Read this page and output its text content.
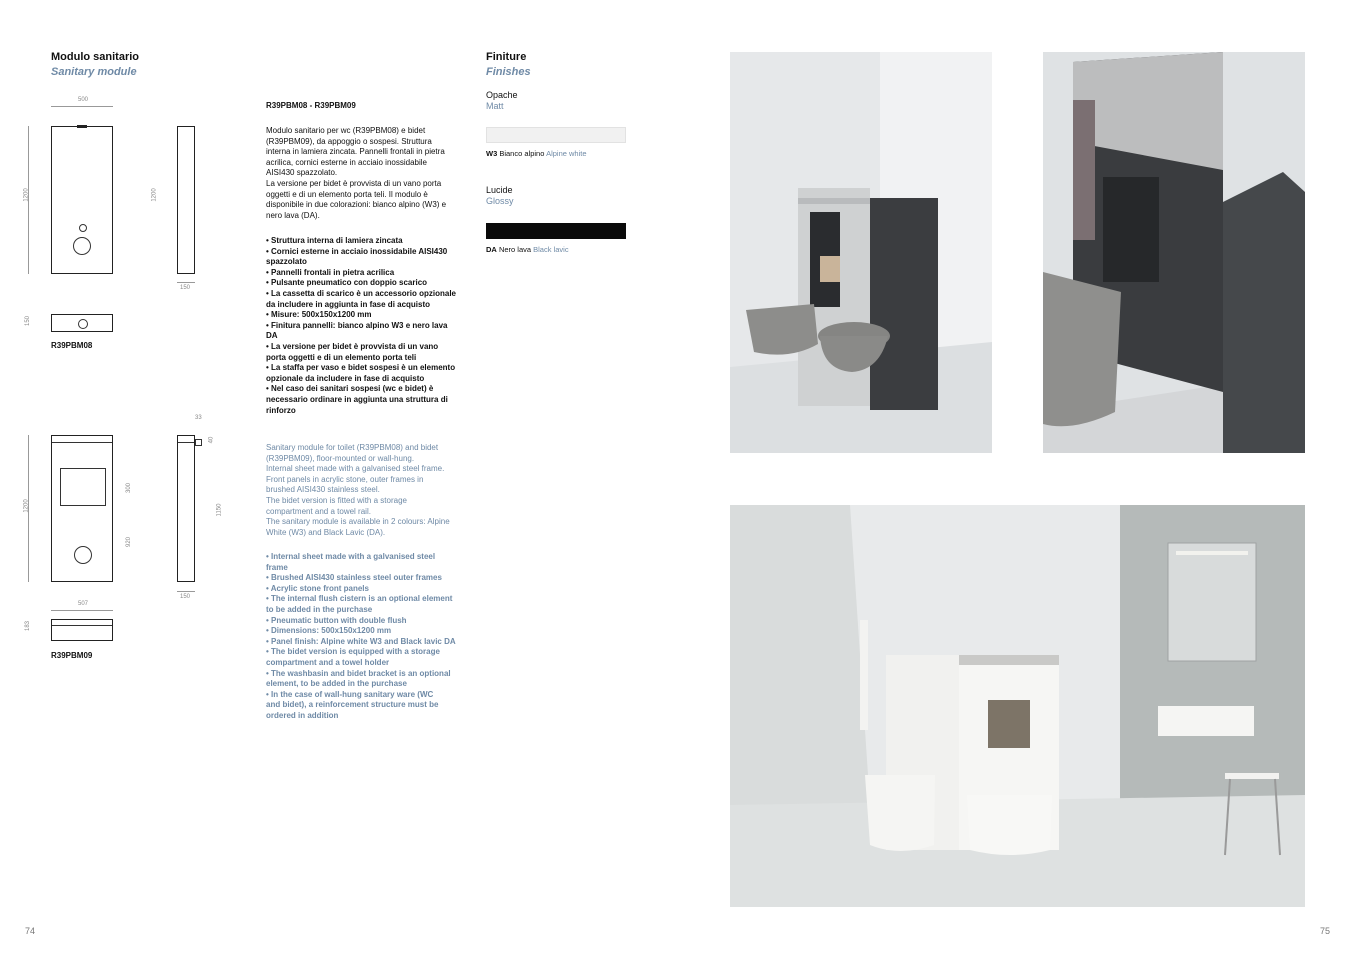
Modulo sanitario
Sanitary module
500
1200	1200
150
150
R39PBM08
1200
300
920
33
40
1150
150
507
183
R39PBM09
R39PBM08 - R39PBM09
Modulo sanitario per wc (R39PBM08) e bidet
(R39PBM09), da appoggio o sospesi. Struttura
interna in lamiera zincata. Pannelli frontali in pietra
acrilica, cornici esterne in acciaio inossidabile
AISI430 spazzolato.
La versione per bidet è provvista di un vano porta
oggetti e di un elemento porta teli. Il modulo è
disponibile in due colorazioni: bianco alpino (W3) e
nero lava (DA).
• Struttura interna di lamiera zincata
• Cornici esterne in acciaio inossidabile AISI430
spazzolato
• Pannelli frontali in pietra acrilica
• Pulsante pneumatico con doppio scarico
• La cassetta di scarico è un accessorio opzionale
da includere in aggiunta in fase di acquisto
• Misure: 500x150x1200 mm
• Finitura pannelli: bianco alpino W3 e nero lava
DA
• La versione per bidet è provvista di un vano
porta oggetti e di un elemento porta teli
• La staffa per vaso e bidet sospesi è un elemento
opzionale da includere in fase di acquisto
• Nel caso dei sanitari sospesi (wc e bidet) è
necessario ordinare in aggiunta una struttura di
rinforzo
Sanitary module for toilet (R39PBM08) and bidet
(R39PBM09), floor-mounted or wall-hung.
Internal sheet made with a galvanised steel frame.
Front panels in acrylic stone, outer frames in
brushed AISI430 stainless steel.
The bidet version is fitted with a storage
compartment and a towel rail.
The sanitary module is available in 2 colours: Alpine
White (W3) and Black Lavic (DA).
• Internal sheet made with a galvanised steel
frame
• Brushed AISI430 stainless steel outer frames
• Acrylic stone front panels
• The internal flush cistern is an optional element
to be added in the purchase
• Pneumatic button with double flush
• Dimensions: 500x150x1200 mm
• Panel finish: Alpine white W3 and Black lavic DA
• The bidet version is equipped with a storage
compartment and a towel holder
• The washbasin and bidet bracket is an optional
element, to be added in the purchase
• In the case of wall-hung sanitary ware (WC
and bidet), a reinforcement structure must be
ordered in addition
Finiture
Finishes
Opache
Matt
W3 Bianco alpino Alpine white
Lucide
Glossy
DA Nero lava Black lavic
74	75
